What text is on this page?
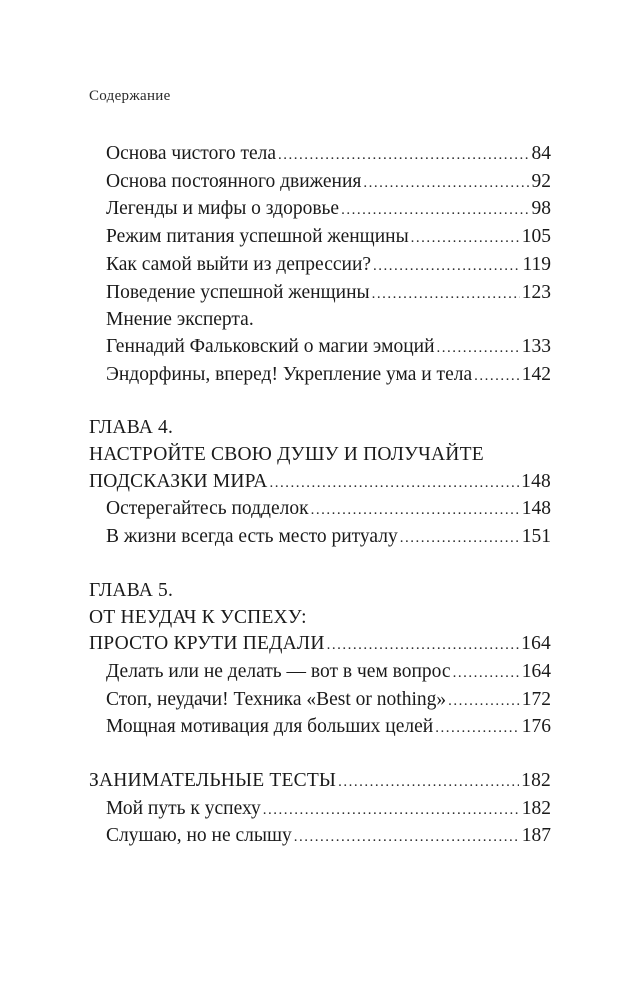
Содержание
Основа чистого тела .....	84
Основа постоянного движения .....	92
Легенды и мифы о здоровье .....	98
Режим питания успешной женщины .....	105
Как самой выйти из депрессии? .....	119
Поведение успешной женщины .....	123
Мнение эксперта.
Геннадий Фальковский о магии эмоций .....	133
Эндорфины, вперед! Укрепление ума и тела .....	142
ГЛАВА 4.
НАСТРОЙТЕ СВОЮ ДУШУ И ПОЛУЧАЙТЕ
ПОДСКАЗКИ МИРА .....	148
Остерегайтесь подделок .....	148
В жизни всегда есть место ритуалу .....	151
ГЛАВА 5.
ОТ НЕУДАЧ К УСПЕХУ:
ПРОСТО КРУТИ ПЕДАЛИ .....	164
Делать или не делать — вот в чем вопрос .....	164
Стоп, неудачи! Техника «Best or nothing» .....	172
Мощная мотивация для больших целей .....	176
ЗАНИМАТЕЛЬНЫЕ ТЕСТЫ .....	182
Мой путь к успеху .....	182
Слушаю, но не слышу .....	187
